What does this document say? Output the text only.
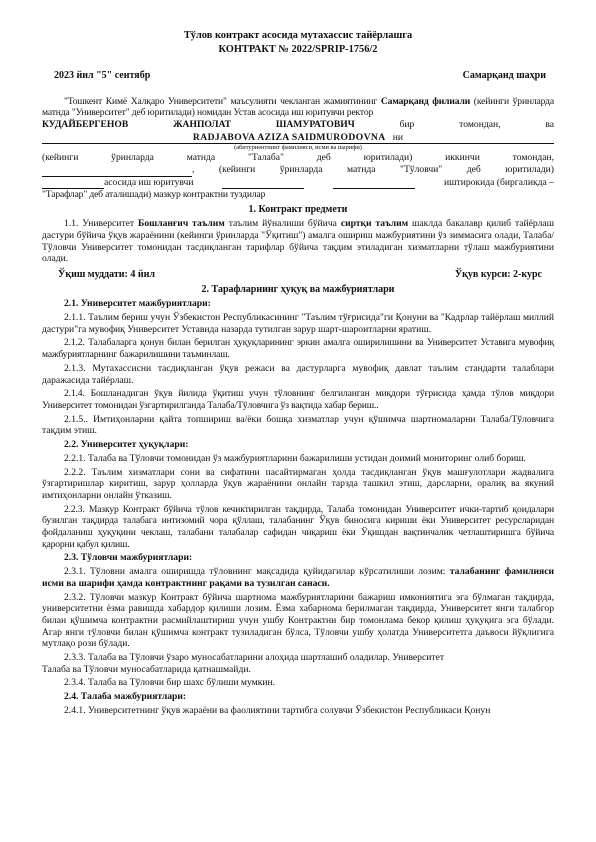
Тўлов контракт асосида мутахассис тайёрлашга
КОНТРАКТ № 2022/SPRIP-1756/2
2023 йил "5" сентябр	Самарқанд шаҳри
"Тошкент Кимё Халқаро Университети" маъсулияти чекланган жамиятининг Самарқанд филиали (кейинги ўринларда матнда "Университет" деб юритилади) номидан Устав асосида иш юритувчи ректор
КУДАЙБЕРГЕНОВ	ЖАНПОЛАТ	ШАМУРАТОВИЧ	бир	томондан,	ва
RADJABOVA AZIZA SAIDMURODOVNA ни
(абитуриентнинг фамилияси, исми ва шарифи)
(кейинги	ўринларда	матнда	"Талаба"	деб	юритилади)	иккинчи	томондан,
,	(кейинги	ўринларда	матнда	"Тўловчи"	деб	юритилади)
асосида иш юритувчи

	иштирокида (биргаликда –
"Тарафлар" деб аталишади) мазкур контрактни туздилар
1. Контракт предмети
1.1. Университет Бошланғич таълим таълим йўналиши бўйича сиртқи таълим шаклда бакалавр қилиб тайёрлаш дастури бўйича ўқув жараёнини (кейинги ўринларда "Ўқитиш") амалга ошириш мажбуриятини ўз зиммасига олади, Талаба/Тўловчи Университет томонидан тасдиқланган тарифлар бўйича тақдим этиладиган хизматларни тўлаш мажбуриятини олади.
Ўқиш муддати: 4 йил	Ўқув курси: 2-курс
2. Тарафларнинг ҳуқуқ ва мажбуриятлари
2.1. Университет мажбуриятлари:
2.1.1. Таълим бериш учун Ўзбекистон Республикасининг "Таълим тўғрисида"ги Қонуни ва "Кадрлар тайёрлаш миллий дастури"га мувофиқ Университет Уставида назарда тутилган зарур шарт-шароитларни яратиш.
2.1.2. Талабаларга қонун билан берилган ҳуқуқларининг эркин амалга оширилишини ва Университет Уставига мувофиқ мажбуриятларнинг бажарилишини таъминлаш.
2.1.3. Мутахассисни тасдиқланган ўқув режаси ва дастурларга мувофиқ давлат таълим стандарти талаблари даражасида тайёрлаш.
2.1.4. Бошланадиган ўқув йилида ўқитиш учун тўловнинг белгиланган миқдори тўғрисида ҳамда тўлов миқдори Университет томонидан ўзгартирилганда Талаба/Тўловчига ўз вақтида хабар бериш..
2.1.5.. Имтиҳонларни қайта топшириш ва/ёки бошқа хизматлар учун қўшимча шартномаларни Талаба/Тўловчига тақдим этиш.
2.2. Университет ҳуқуқлари:
2.2.1. Талаба ва Тўловчи томонидан ўз мажбуриятларини бажарилиши устидан доимий мониторинг олиб бориш.
2.2.2. Таълим хизматлари сони ва сифатини пасайтирмаган ҳолда тасдиқланган ўқув машғулотлари жадвалига ўзгартиришлар киритиш, зарур ҳолларда ўқув жараёнини онлайн тарзда ташкил этиш, дарсларни, оралиқ ва якуний имтиҳонларни онлайн ўтказиш.
2.2.3. Мазкур Контракт бўйича тўлов кечиктирилган тақдирда, Талаба томонидан Университет ички-тартиб қоидалари бузилган тақдирда талабага интизомий чора қўллаш, талабанинг Ўқув биносига кириши ёки Университет ресурсларидан фойдаланиш ҳуқуқини чеклаш, талабани талабалар сафидан чиқариш ёки Ўқишдан вақтинчалик четлаштиришга бўйича қарорни қабул қилиш.
2.3. Тўловчи мажбуриятлари:
2.3.1. Тўловни амалга оширишда тўловнинг мақсадида қуйидагилар кўрсатилиши лозим: талабанинг фамилияси исми ва шарифи ҳамда контрактнинг рақами ва тузилган санаси.
2.3.2. Тўловчи мазкур Контракт бўйича шартнома мажбуриятларини бажариш имкониятига эга бўлмаган тақдирда, университетни ёзма равишда хабардор қилиши лозим. Ёзма хабарнома берилмаган тақдирда, Университет янги талабгор билан қўшимча контрактни расмийлаштириш учун ушбу Контрактни бир томонлама бекор қилиш ҳуқуқига эга бўлади. Агар янги тўловчи билан қўшимча контракт тузиладиган бўлса, Тўловчи ушбу ҳолатда Университетга даъвоси йўқлигига мутлақо рози бўлади.
2.3.3. Талаба ва Тўловчи ўзаро муносабатларини алоҳида шартлашиб оладилар. Университет
Талаба ва Тўловчи муносабатларида қатнашмайди.
2.3.4. Талаба ва Тўловчи бир шахс бўлиши мумкин.
2.4. Талаба мажбуриятлари:
2.4.1. Университетнинг ўқув жараёни ва фаолиятини тартибга солувчи Ўзбекистон Республикаси Қонун
